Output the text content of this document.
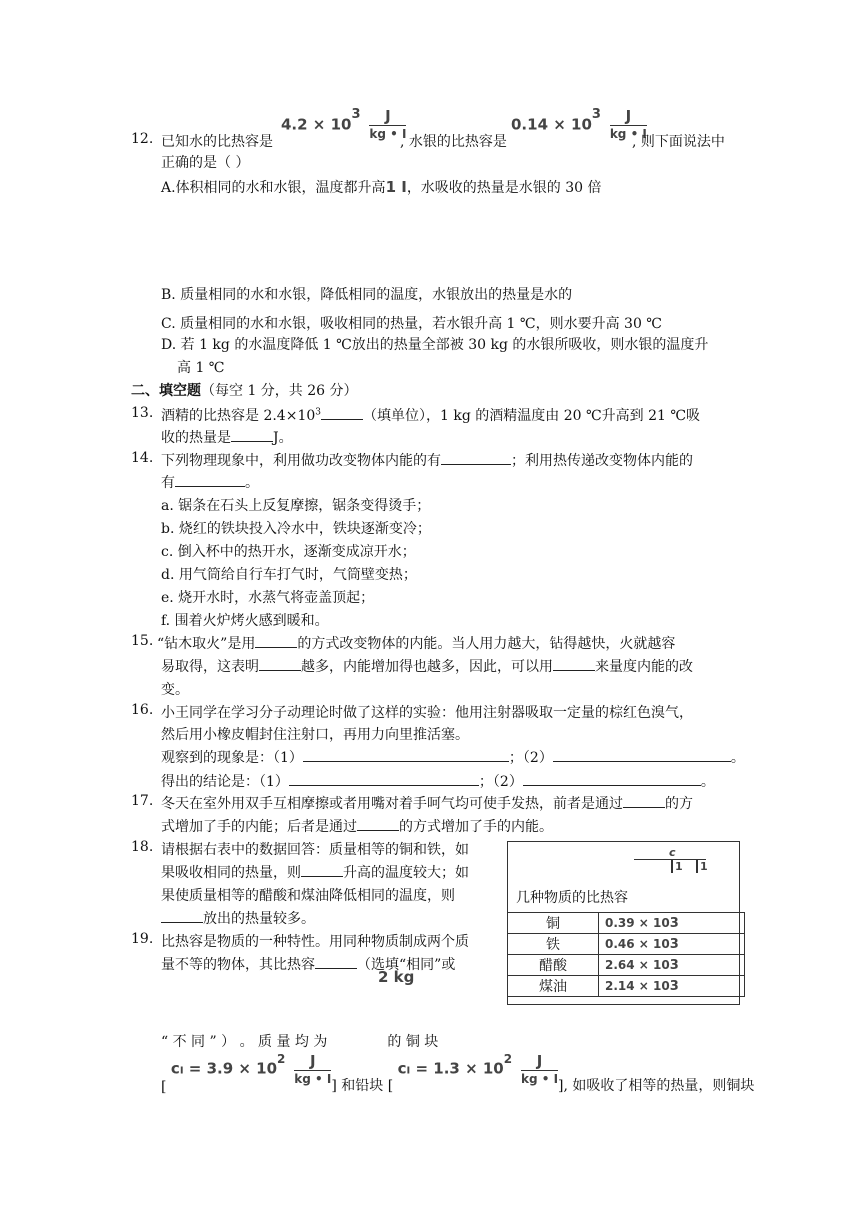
12. 已知水的比热容是
$4.2 \times 103 \frac{J}{kg • I}$
, 水银的比热容是
$0.14 \times 103 \frac{J}{kg • I}$
, 则下面说法中
正确的是（ ）
A.体积相同的水和水银，温度都升高1 I，水吸收的热量是水银的 30 倍
B. 质量相同的水和水银，降低相同的温度，水银放出的热量是水的
C. 质量相同的水和水银，吸收相同的热量，若水银升高 1 ℃，则水要升高 30 ℃
D. 若 1 kg 的水温度降低 1 ℃放出的热量全部被 30 kg 的水银所吸收，则水银的温度升
高 1 ℃
二、填空题（每空 1 分，共 26 分）
13. 酒精的比热容是 $2.4\times 10^3$	（填单位），1 kg 的酒精温度由 20 ℃升高到 21 ℃吸
收的热量是	J。
14. 下列物理现象中，利用做功改变物体内能的有	；利用热传递改变物体内能的
有	。
a. 锯条在石头上反复摩擦，锯条变得烫手；
b. 烧红的铁块投入冷水中，铁块逐渐变冷；
c. 倒入杯中的热开水，逐渐变成凉开水；
d. 用气筒给自行车打气时，气筒壁变热；
e. 烧开水时，水蒸气将壶盖顶起；
f. 围着火炉烤火感到暖和。
15. “钻木取火”是用	的方式改变物体的内能。当人用力越大，钻得越快，火就越容
易取得，这表明	越多，内能增加得也越多，因此，可以用	来量度内能的改
变。
16. 小王同学在学习分子动理论时做了这样的实验：他用注射器吸取一定量的棕红色溴气，
然后用小橡皮帽封住注射口，再用力向里推活塞。
观察到的现象是：（1）	；（2）	。
得出的结论是：（1）	；（2）	。
17. 冬天在室外用双手互相摩擦或者用嘴对着手呵气均可使手发热，前者是通过	的方
式增加了手的内能；后者是通过	的方式增加了手的内能。
18. 请根据右表中的数据回答：质量相等的铜和铁，如
果吸收相同的热量，则	升高的温度较大；如
果使质量相等的醋酸和煤油降低相同的温度，则
放出的热量较多。
19. 比热容是物质的一种特性。用同种物质制成两个质
量不等的物体，其比热容	（选填“相同”或
2 kg
“ 不 同 ” ） 。 质 量 均 为	的 铜 块
[ cI = $3.9 \times 102 \frac{J}{kg • I}$ ] 和铅块 [ cI = $1.3 \times 102 \frac{J}{kg • I}$ ], 如吸收了相等的热量，则铜块
c
1	1
几种物质的比热容
铜	0.39 × 103
铁	0.46 × 103
醋酸	2.64 × 103
煤油	2.14 × 103
